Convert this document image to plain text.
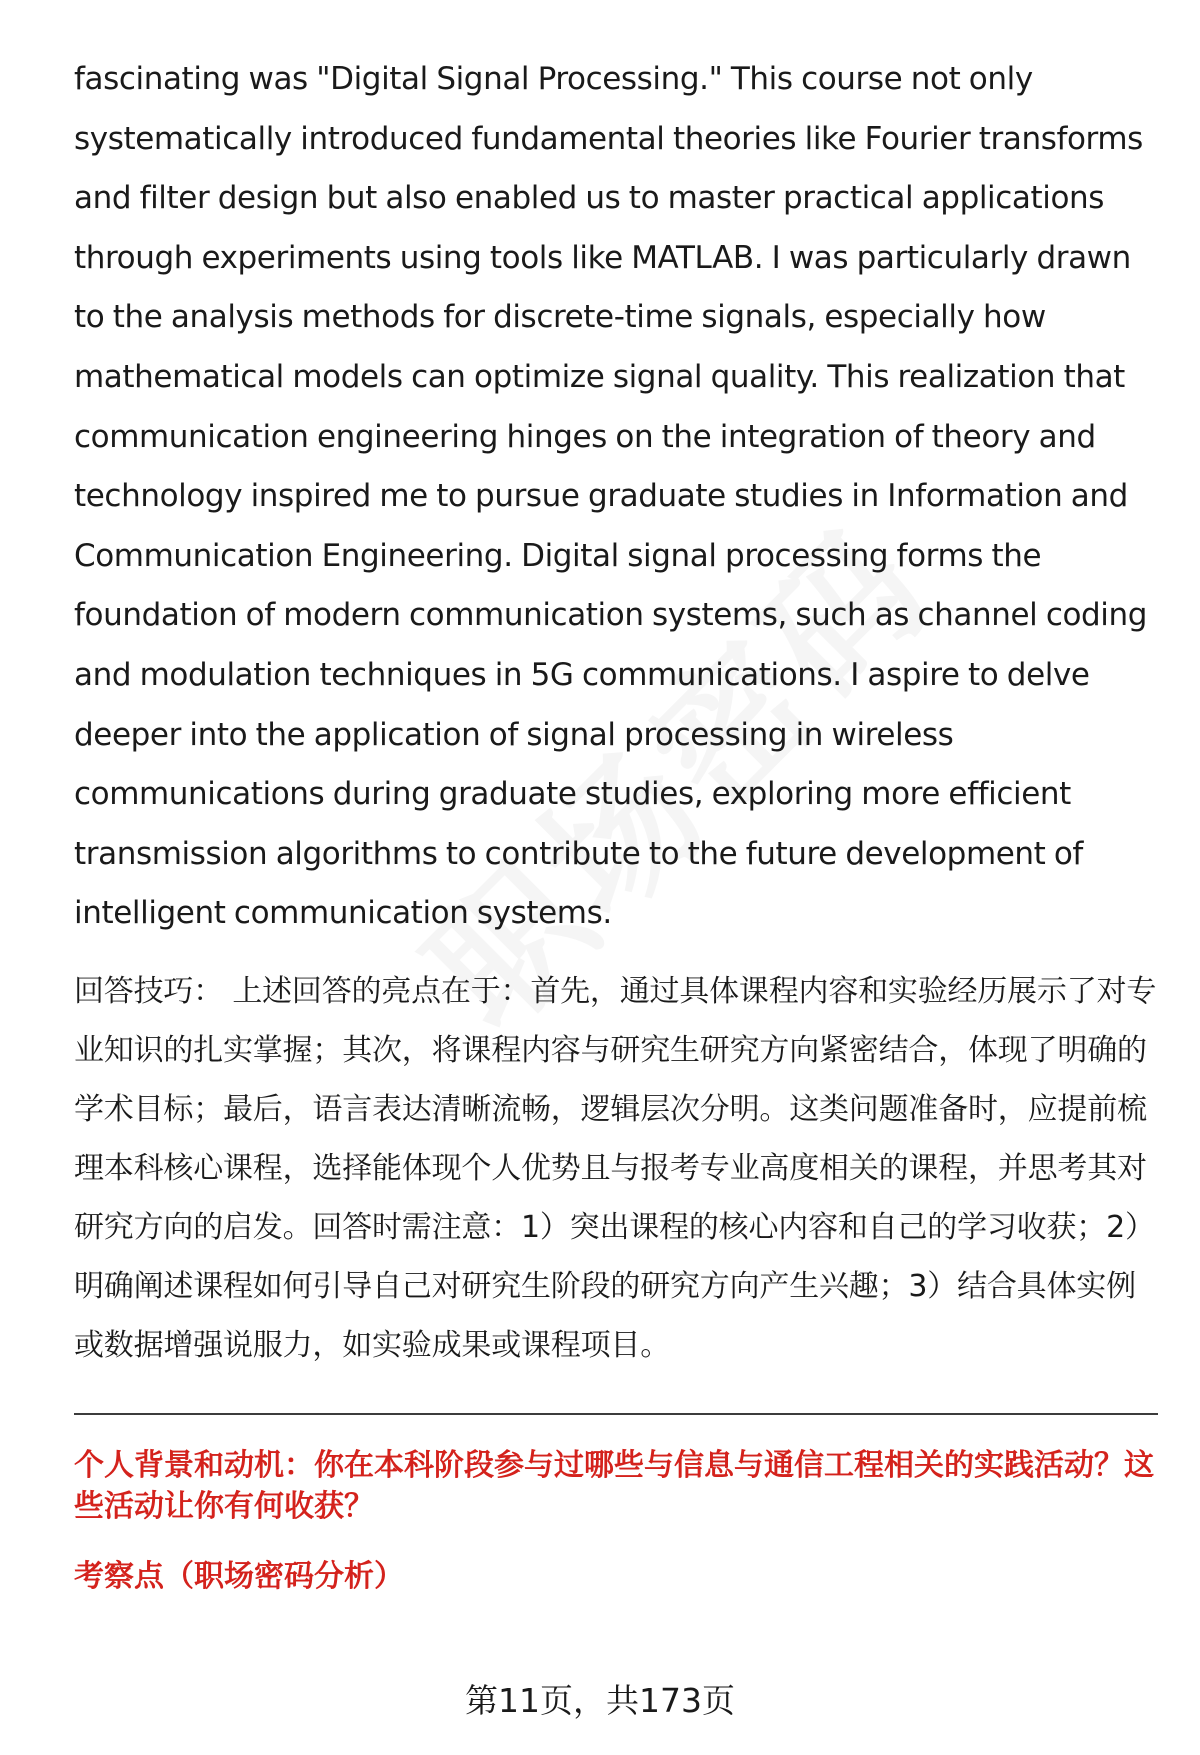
fascinating was "Digital Signal Processing." This course not only systematically introduced fundamental theories like Fourier transforms and filter design but also enabled us to master practical applications through experiments using tools like MATLAB. I was particularly drawn to the analysis methods for discrete-time signals, especially how mathematical models can optimize signal quality. This realization that communication engineering hinges on the integration of theory and technology inspired me to pursue graduate studies in Information and Communication Engineering. Digital signal processing forms the foundation of modern communication systems, such as channel coding and modulation techniques in 5G communications. I aspire to delve deeper into the application of signal processing in wireless communications during graduate studies, exploring more efficient transmission algorithms to contribute to the future development of intelligent communication systems.

回答技巧： 上述回答的亮点在于：首先，通过具体课程内容和实验经历展示了对专业知识的扎实掌握；其次，将课程内容与研究生研究方向紧密结合，体现了明确的学术目标；最后，语言表达清晰流畅，逻辑层次分明。这类问题准备时，应提前梳理本科核心课程，选择能体现个人优势且与报考专业高度相关的课程，并思考其对研究方向的启发。回答时需注意：1）突出课程的核心内容和自己的学习收获；2）明确阐述课程如何引导自己对研究生阶段的研究方向产生兴趣；3）结合具体实例或数据增强说服力，如实验成果或课程项目。

个人背景和动机：你在本科阶段参与过哪些与信息与通信工程相关的实践活动？这些活动让你有何收获？
考察点（职场密码分析）
第11页，共173页
